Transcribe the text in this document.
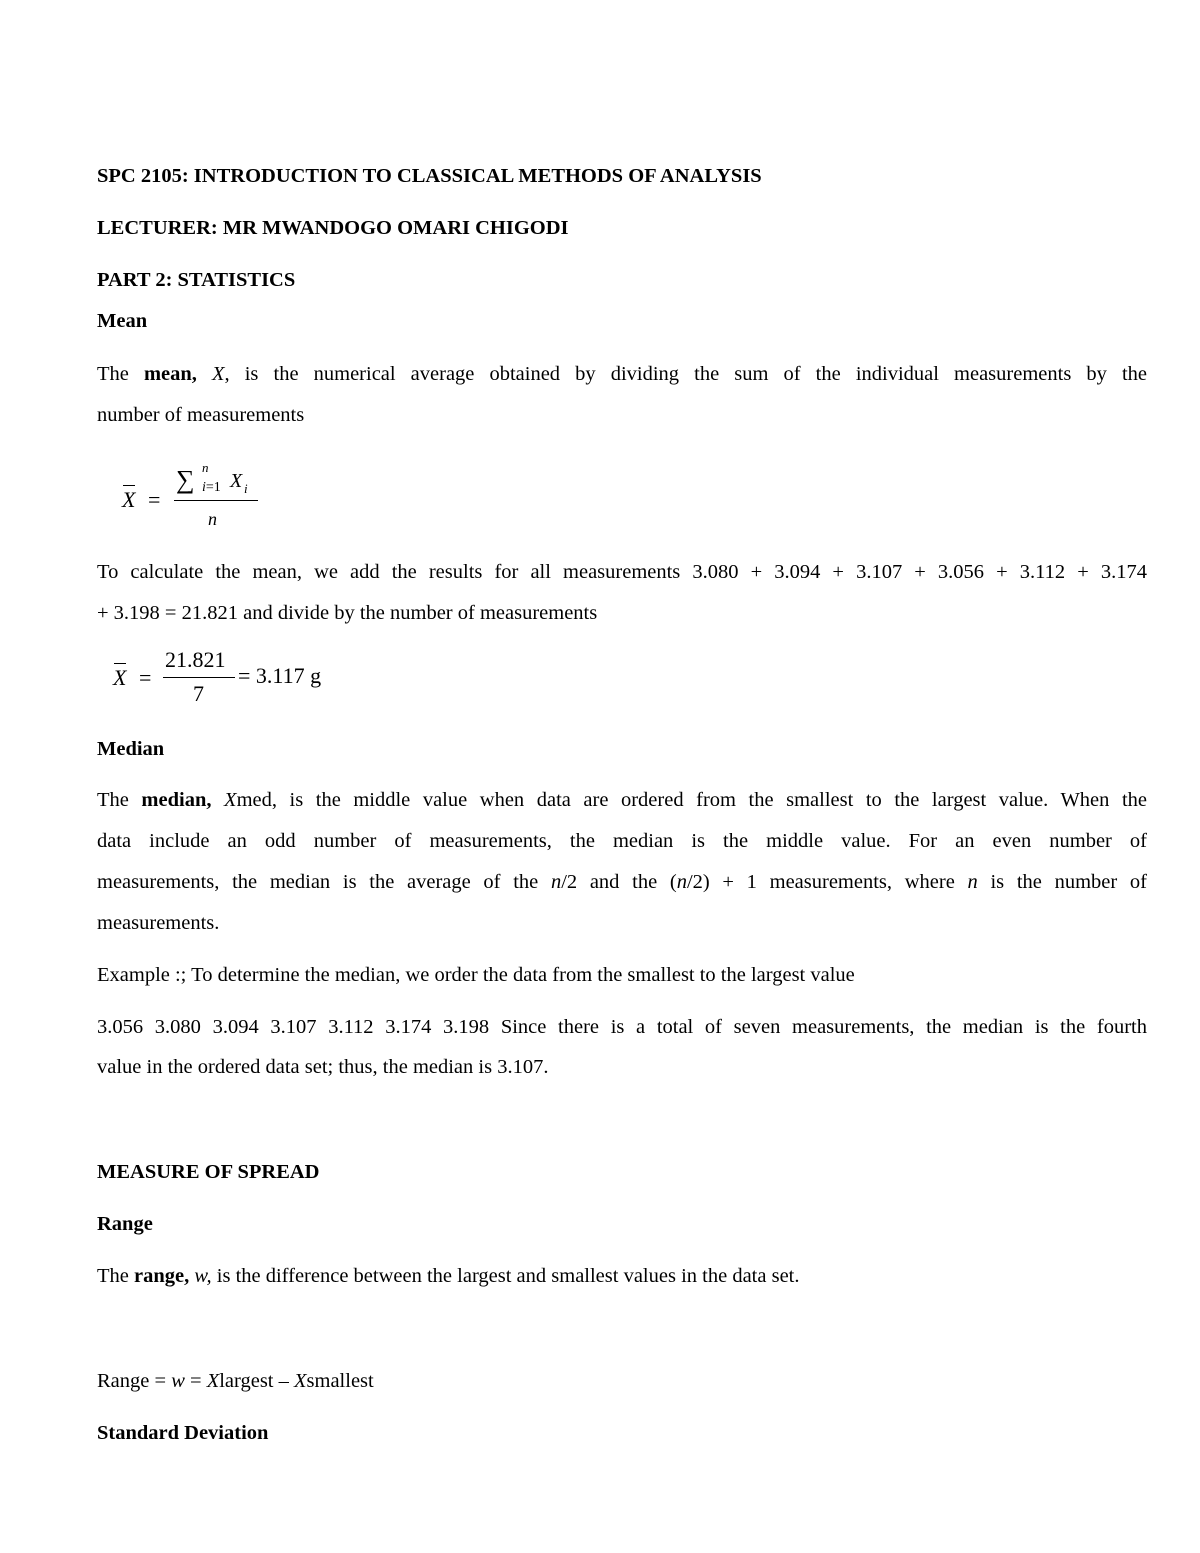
SPC 2105: INTRODUCTION TO CLASSICAL METHODS OF ANALYSIS
LECTURER: MR MWANDOGO OMARI CHIGODI
PART 2: STATISTICS
Mean
The mean, X, is the numerical average obtained by dividing the sum of the individual measurements by the
number of measurements
X =
∑ n
i=1 X i
n
To calculate the mean, we add the results for all measurements 3.080 + 3.094 + 3.107 + 3.056 + 3.112 + 3.174
+ 3.198 = 21.821 and divide by the number of measurements
X =
21.821
7
= 3.117 g
Median
The median, Xmed, is the middle value when data are ordered from the smallest to the largest value. When the
data include an odd number of measurements, the median is the middle value. For an even number of
measurements, the median is the average of the n/2 and the (n/2) + 1 measurements, where n is the number of
measurements.
Example :; To determine the median, we order the data from the smallest to the largest value
3.056 3.080 3.094 3.107 3.112 3.174 3.198 Since there is a total of seven measurements, the median is the fourth
value in the ordered data set; thus, the median is 3.107.
MEASURE OF SPREAD
Range
The range, w, is the difference between the largest and smallest values in the data set.
Range = w = Xlargest – Xsmallest
Standard Deviation
